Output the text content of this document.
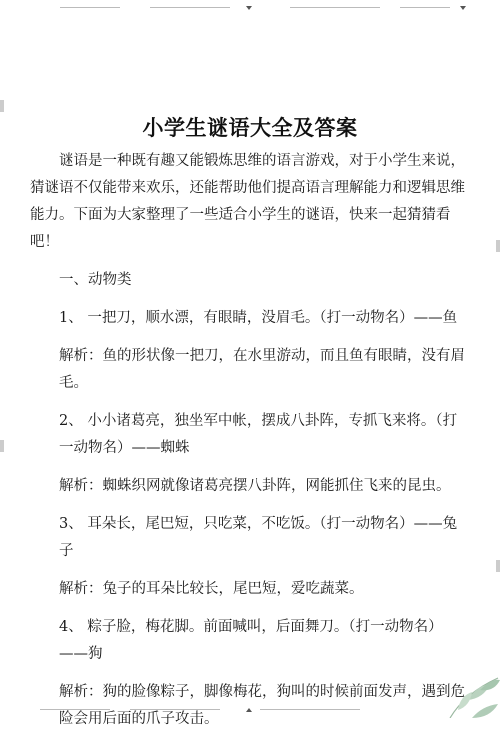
小学生谜语大全及答案

谜语是一种既有趣又能锻炼思维的语言游戏，对于小学生来说，猜谜语不仅能带来欢乐，还能帮助他们提高语言理解能力和逻辑思维能力。下面为大家整理了一些适合小学生的谜语，快来一起猜猜看吧！

一、动物类

1、 一把刀，顺水漂，有眼睛，没眉毛。（打一动物名）——鱼

解析：鱼的形状像一把刀，在水里游动，而且鱼有眼睛，没有眉毛。

2、 小小诸葛亮，独坐军中帐，摆成八卦阵，专抓飞来将。（打一动物名）——蜘蛛

解析：蜘蛛织网就像诸葛亮摆八卦阵，网能抓住飞来的昆虫。

3、 耳朵长，尾巴短，只吃菜，不吃饭。（打一动物名）——兔子

解析：兔子的耳朵比较长，尾巴短，爱吃蔬菜。

4、 粽子脸，梅花脚。前面喊叫，后面舞刀。（打一动物名）——狗

解析：狗的脸像粽子，脚像梅花，狗叫的时候前面发声，遇到危险会用后面的爪子攻击。
